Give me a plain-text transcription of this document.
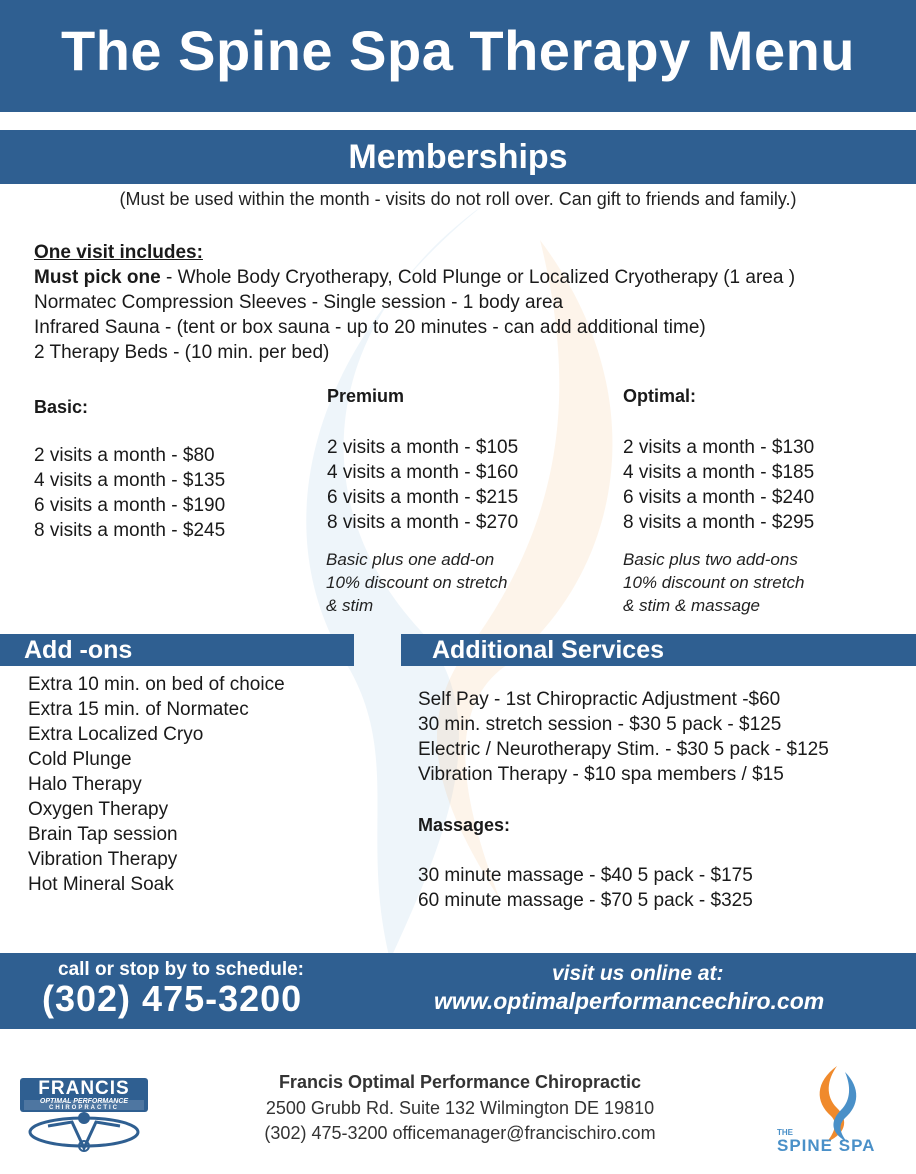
The Spine Spa Therapy Menu
Memberships
(Must be used within the month - visits do not roll over. Can gift to friends and family.)
One visit includes:
Must pick one - Whole Body Cryotherapy, Cold Plunge or Localized Cryotherapy (1 area )
Normatec Compression Sleeves - Single session - 1 body area
Infrared Sauna - (tent or box sauna - up to 20 minutes - can add additional time)
2 Therapy Beds - (10 min. per bed)
Basic:
2 visits a month - $80
4 visits a month - $135
6 visits a month - $190
8 visits a month - $245
Premium
2 visits a month - $105
4 visits a month - $160
6 visits a month - $215
8 visits a month - $270
Basic plus one add-on
10% discount on stretch
& stim
Optimal:
2 visits a month - $130
4 visits a month - $185
6 visits a month - $240
8 visits a month - $295
Basic plus two add-ons
10% discount on stretch
& stim & massage
Add -ons
Extra 10 min. on bed of choice
Extra 15 min. of Normatec
Extra Localized Cryo
Cold Plunge
Halo Therapy
Oxygen Therapy
Brain Tap session
Vibration Therapy
Hot Mineral Soak
Additional Services
Self Pay - 1st Chiropractic Adjustment -$60
30 min. stretch session - $30 5 pack - $125
Electric / Neurotherapy Stim. - $30 5 pack - $125
Vibration Therapy - $10 spa members / $15
Massages:
30 minute massage - $40 5 pack - $175
60 minute massage - $70 5 pack - $325
call or stop by to schedule:
(302) 475-3200
visit us online at:
www.optimalperformancechiro.com
FRANCIS
OPTIMAL PERFORMANCE
CHIROPRACTIC
Francis Optimal Performance Chiropractic
2500 Grubb Rd. Suite 132 Wilmington DE 19810
(302) 475-3200 officemanager@francischiro.com	THE
SPINE SPA
